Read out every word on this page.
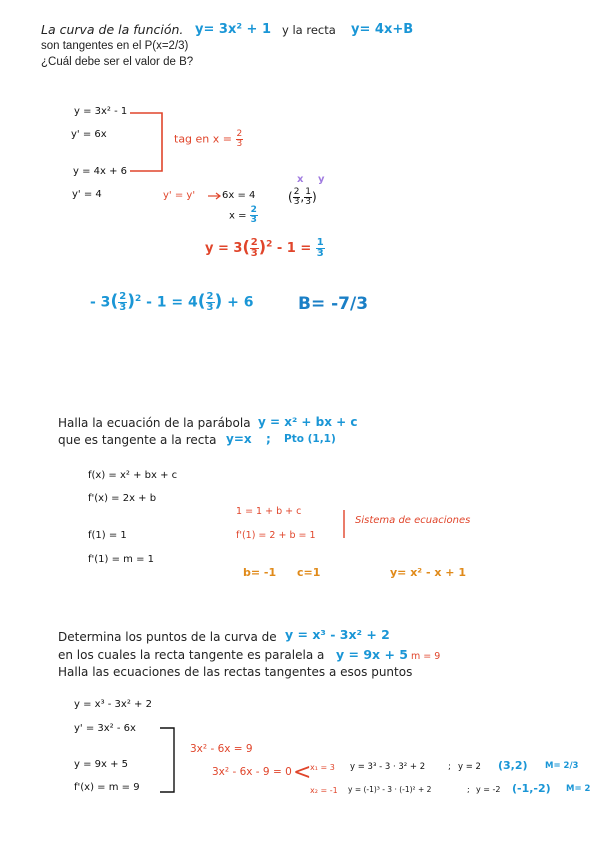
La curva de la función. y= 3x² + 1 y la recta y= 4x+B
son tangentes en el P(x=2/3)
¿Cuál debe ser el valor de B?
y = 3x² - 1
y' = 6x
y = 4x + 6
y' = 4
tag en $x = \frac{2}{3}$
y' = y'	6x = 4
$x = \frac{2}{3}$
x y
( $\frac{2}{3}$ , $\frac{1}{3}$ )
$y = 3( \frac{2}{3} )^2 - 1 = \frac{1}{3}$
- $3( \frac{2}{3} )^2 - 1 = 4( \frac{2}{3}$ ) + 6	B= -7/3
Halla la ecuación de la parábola y = x² + bx + c
que es tangente a la recta y=x ; Pto (1,1)
f(x) = x² + bx + c
f'(x) = 2x + b
f(1) = 1
f'(1) = m = 1
1 = 1 + b + c
f'(1) = 2 + b = 1
Sistema de ecuaciones
b= -1 c=1	y= x² - x + 1
Determina los puntos de la curva de y = x³ - 3x² + 2
en los cuales la recta tangente es paralela a y = 9x + 5 m = 9
Halla las ecuaciones de las rectas tangentes a esos puntos
y = x³ - 3x² + 2
y' = 3x² - 6x
y = 9x + 5
f'(x) = m = 9
3x² - 6x = 9
3x² - 6x - 9 = 0 <
x₁ = 3 y = 3³ - 3 · 3² + 2	; y = 2 (3,2) M= 2/3
x₂ = -1 y = (-1)³ - 3 · (-1)² + 2	; y = -2 (-1,-2) M= 2
